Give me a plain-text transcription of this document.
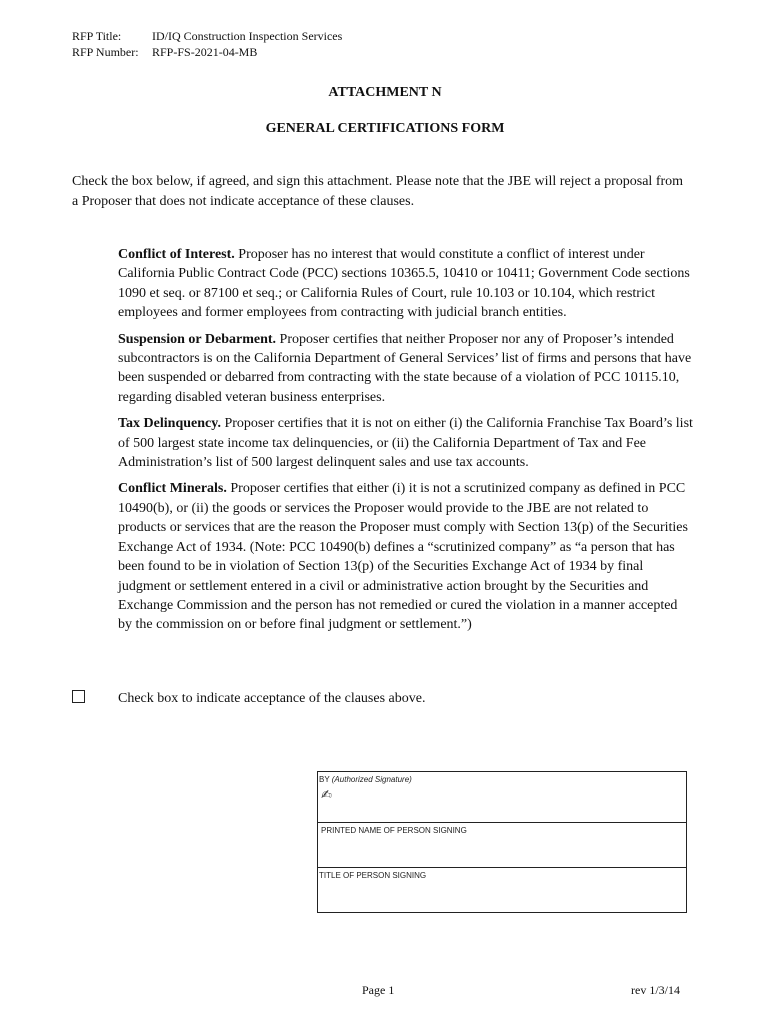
RFP Title:	ID/IQ Construction Inspection Services
RFP Number: RFP-FS-2021-04-MB
ATTACHMENT N
GENERAL CERTIFICATIONS FORM
Check the box below, if agreed, and sign this attachment. Please note that the JBE will reject a proposal from a Proposer that does not indicate acceptance of these clauses.

Conflict of Interest. Proposer has no interest that would constitute a conflict of interest under California Public Contract Code (PCC) sections 10365.5, 10410 or 10411; Government Code sections 1090 et seq. or 87100 et seq.; or California Rules of Court, rule 10.103 or 10.104, which restrict employees and former employees from contracting with judicial branch entities.

Suspension or Debarment. Proposer certifies that neither Proposer nor any of Proposer’s intended subcontractors is on the California Department of General Services’ list of firms and persons that have been suspended or debarred from contracting with the state because of a violation of PCC 10115.10, regarding disabled veteran business enterprises.

Tax Delinquency. Proposer certifies that it is not on either (i) the California Franchise Tax Board’s list of 500 largest state income tax delinquencies, or (ii) the California Department of Tax and Fee Administration’s list of 500 largest delinquent sales and use tax accounts.

Conflict Minerals. Proposer certifies that either (i) it is not a scrutinized company as defined in PCC 10490(b), or (ii) the goods or services the Proposer would provide to the JBE are not related to products or services that are the reason the Proposer must comply with Section 13(p) of the Securities Exchange Act of 1934. (Note: PCC 10490(b) defines a “scrutinized company” as “a person that has been found to be in violation of Section 13(p) of the Securities Exchange Act of 1934 by final judgment or settlement entered in a civil or administrative action brought by the Securities and Exchange Commission and the person has not remedied or cured the violation in a manner accepted by the commission on or before final judgment or settlement.”)

Check box to indicate acceptance of the clauses above.
BY (Authorized Signature)
✍
PRINTED NAME OF PERSON SIGNING
TITLE OF PERSON SIGNING
Page 1	rev 1/3/14
